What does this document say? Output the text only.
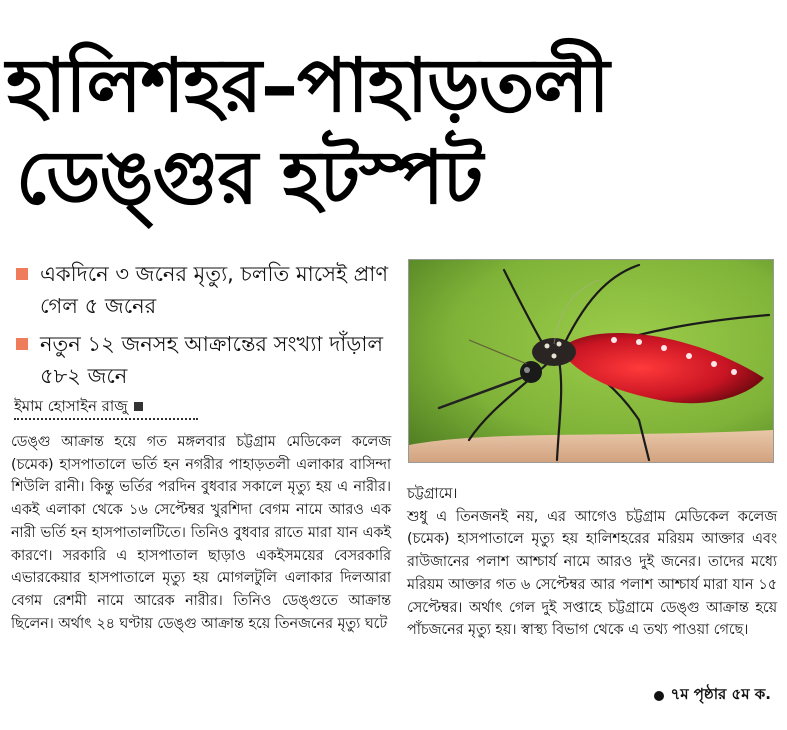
হালিশহর–পাহাড়তলী
ডেঙ্গুর হটস্পট
একদিনে ৩ জনের মৃত্যু, চলতি মাসেই প্রাণ গেল ৫ জনের
নতুন ১২ জনসহ আক্রান্তের সংখ্যা দাঁড়াল ৫৮২ জনে
ইমাম হোসাইন রাজু

ডেঙ্গু আক্রান্ত হয়ে গত মঙ্গলবার চট্টগ্রাম মেডিকেল কলেজ (চমেক) হাসপাতালে ভর্তি হন নগরীর পাহাড়তলী এলাকার বাসিন্দা শিউলি রানী। কিন্তু ভর্তির পরদিন বুধবার সকালে মৃত্যু হয় এ নারীর। একই এলাকা থেকে ১৬ সেপ্টেম্বর খুরশিদা বেগম নামে আরও এক নারী ভর্তি হন হাসপাতালটিতে। তিনিও বুধবার রাতে মারা যান একই কারণে। সরকারি এ হাসপাতাল ছাড়াও একইসময়ের বেসরকারি এভারকেয়ার হাসপাতালে মৃত্যু হয় মোগলটুলি এলাকার দিলআরা বেগম রেশমী নামে আরেক নারীর। তিনিও ডেঙ্গুতে আক্রান্ত ছিলেন। অর্থাৎ ২৪ ঘণ্টায় ডেঙ্গু আক্রান্ত হয়ে তিনজনের মৃত্যু ঘটে

চট্টগ্রামে।

শুধু এ তিনজনই নয়, এর আগেও চট্টগ্রাম মেডিকেল কলেজ (চমেক) হাসপাতালে মৃত্যু হয় হালিশহরের মরিয়ম আক্তার এবং রাউজানের পলাশ আশ্চার্য নামে আরও দুই জনের। তাদের মধ্যে মরিয়ম আক্তার গত ৬ সেপ্টেম্বর আর পলাশ আশ্চার্য মারা যান ১৫ সেপ্টেম্বর। অর্থাৎ গেল দুই সপ্তাহে চট্টগ্রামে ডেঙ্গু আক্রান্ত হয়ে পাঁচজনের মৃত্যু হয়। স্বাস্থ্য বিভাগ থেকে এ তথ্য পাওয়া গেছে।

৭ম পৃষ্ঠার ৫ম ক.
